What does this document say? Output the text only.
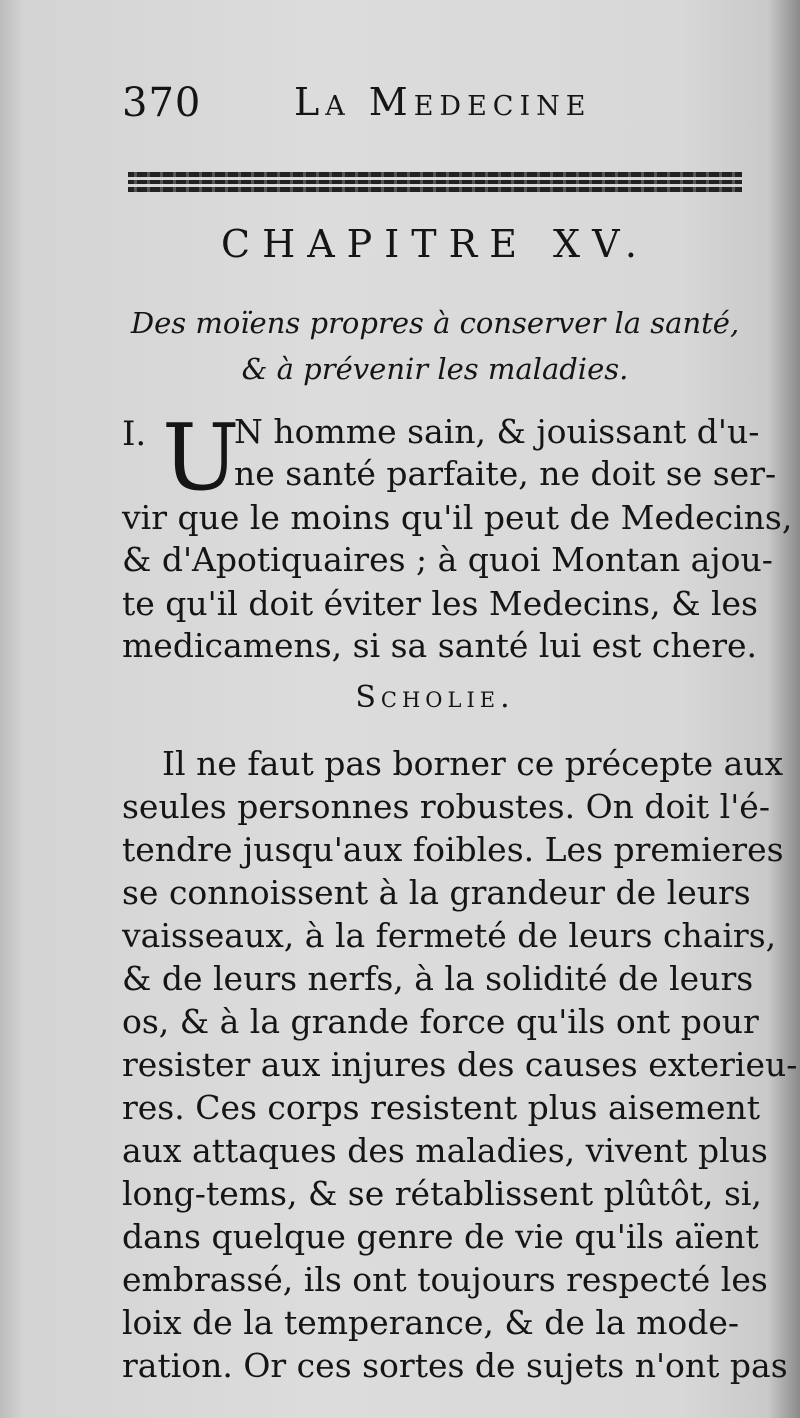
370 La Medecine
CHAPITRE XV.
Des moïens propres à conserver la santé,
& à prévenir les maladies.
I. U
N homme sain, & jouissant d'u-
ne santé parfaite, ne doit se ser-
vir que le moins qu'il peut de Medecins,
& d'Apotiquaires ; à quoi Montan ajou-
te qu'il doit éviter les Medecins, & les
medicamens, si sa santé lui est chere.
Scholie.
Il ne faut pas borner ce précepte aux
seules personnes robustes. On doit l'é-
tendre jusqu'aux foibles. Les premieres
se connoissent à la grandeur de leurs
vaisseaux, à la fermeté de leurs chairs,
& de leurs nerfs, à la solidité de leurs
os, & à la grande force qu'ils ont pour
resister aux injures des causes exterieu-
res. Ces corps resistent plus aisement
aux attaques des maladies, vivent plus
long-tems, & se rétablissent plûtôt, si,
dans quelque genre de vie qu'ils aïent
embrassé, ils ont toujours respecté les
loix de la temperance, & de la mode-
ration. Or ces sortes de sujets n'ont pas
